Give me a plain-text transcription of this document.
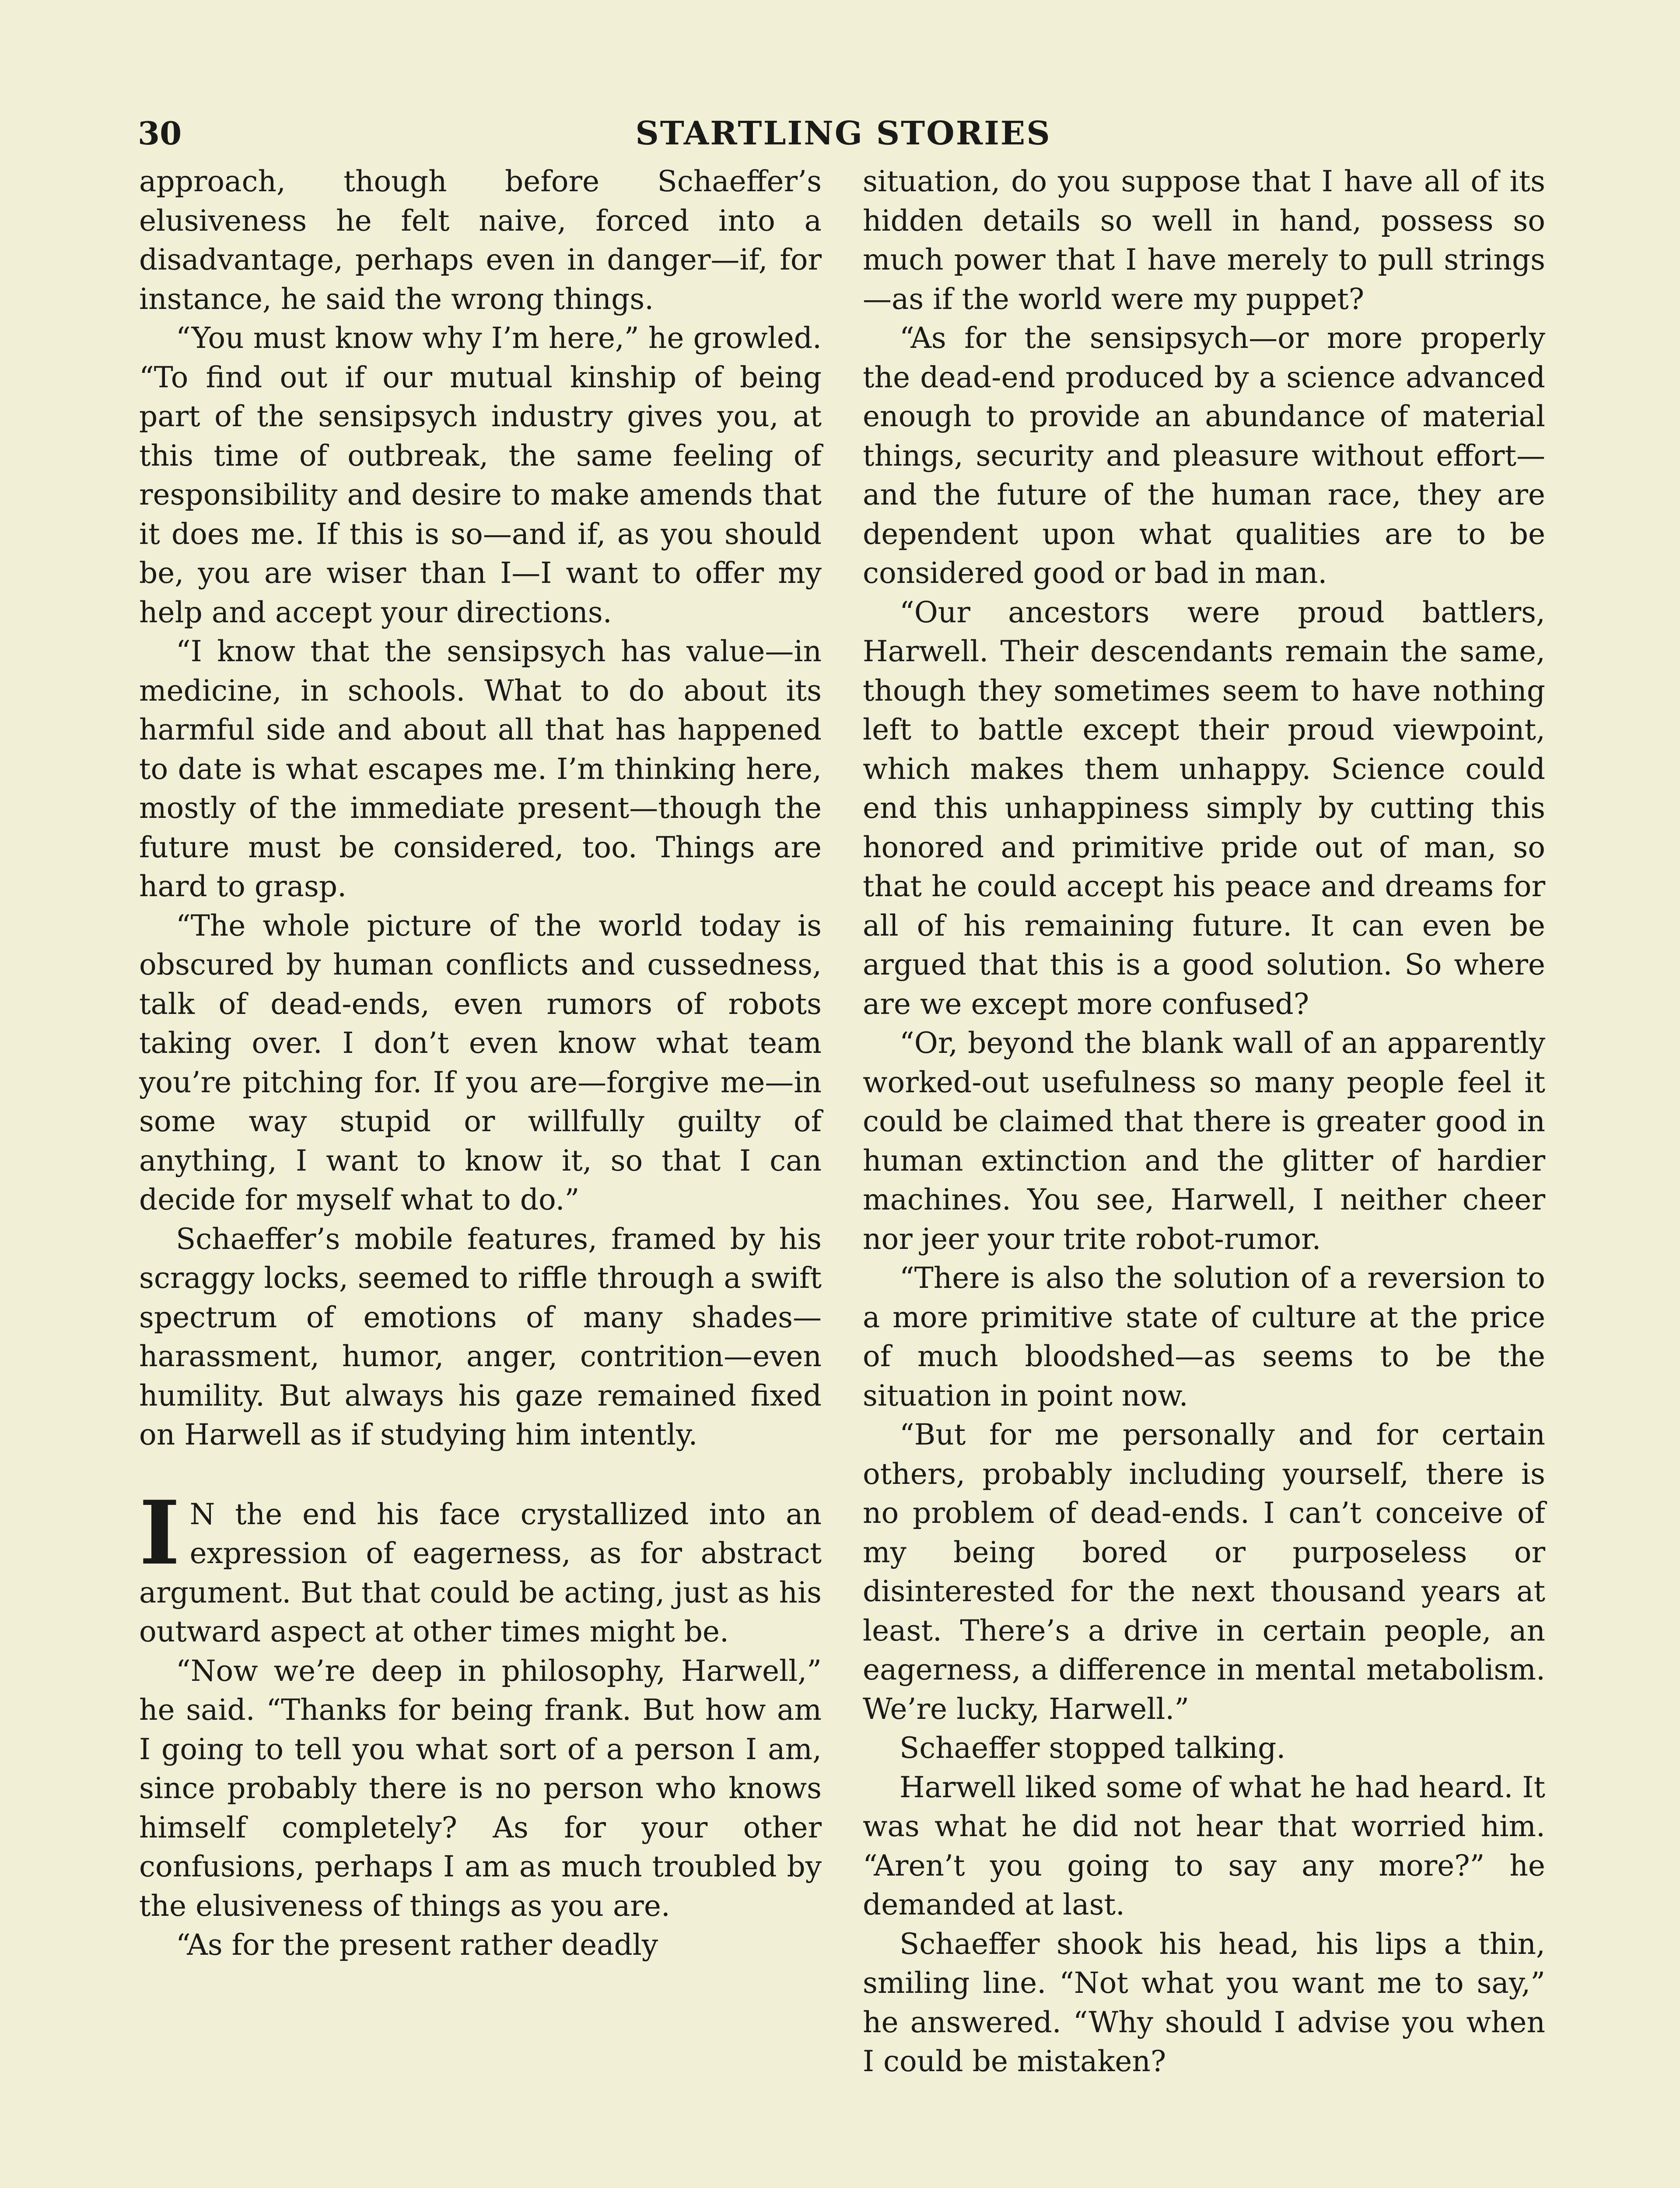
30	STARTLING STORIES

approach, though before Schaeffer’s elusiveness he felt naive, forced into a disadvantage, perhaps even in danger—if, for instance, he said the wrong things.

“You must know why I’m here,” he growled. “To find out if our mutual kinship of being part of the sensipsych industry gives you, at this time of outbreak, the same feeling of responsibility and desire to make amends that it does me. If this is so—and if, as you should be, you are wiser than I—I want to offer my help and accept your directions.

“I know that the sensipsych has value—in medicine, in schools. What to do about its harmful side and about all that has happened to date is what escapes me. I’m thinking here, mostly of the immediate present—though the future must be considered, too. Things are hard to grasp.

“The whole picture of the world today is obscured by human conflicts and cussedness, talk of dead-ends, even rumors of robots taking over. I don’t even know what team you’re pitching for. If you are—forgive me—in some way stupid or willfully guilty of anything, I want to know it, so that I can decide for myself what to do.”

Schaeffer’s mobile features, framed by his scraggy locks, seemed to riffle through a swift spectrum of emotions of many shades—harassment, humor, anger, contrition—even humility. But always his gaze remained fixed on Harwell as if studying him intently.

I N the end his face crystallized into an expression of eagerness, as for abstract argument. But that could be acting, just as his outward aspect at other times might be.

“Now we’re deep in philosophy, Harwell,” he said. “Thanks for being frank. But how am I going to tell you what sort of a person I am, since probably there is no person who knows himself completely? As for your other confusions, perhaps I am as much troubled by the elusiveness of things as you are.

“As for the present rather deadly

situation, do you suppose that I have all of its hidden details so well in hand, possess so much power that I have merely to pull strings—as if the world were my puppet?

“As for the sensipsych—or more properly the dead-end produced by a science advanced enough to provide an abundance of material things, security and pleasure without effort—and the future of the human race, they are dependent upon what qualities are to be considered good or bad in man.

“Our ancestors were proud battlers, Harwell. Their descendants remain the same, though they sometimes seem to have nothing left to battle except their proud viewpoint, which makes them unhappy. Science could end this unhappiness simply by cutting this honored and primitive pride out of man, so that he could accept his peace and dreams for all of his remaining future. It can even be argued that this is a good solution. So where are we except more confused?

“Or, beyond the blank wall of an apparently worked-out usefulness so many people feel it could be claimed that there is greater good in human extinction and the glitter of hardier machines. You see, Harwell, I neither cheer nor jeer your trite robot-rumor.

“There is also the solution of a reversion to a more primitive state of culture at the price of much bloodshed—as seems to be the situation in point now.

“But for me personally and for certain others, probably including yourself, there is no problem of dead-ends. I can’t conceive of my being bored or purposeless or disinterested for the next thousand years at least. There’s a drive in certain people, an eagerness, a difference in mental metabolism. We’re lucky, Harwell.”

Schaeffer stopped talking.

Harwell liked some of what he had heard. It was what he did not hear that worried him. “Aren’t you going to say any more?” he demanded at last.

Schaeffer shook his head, his lips a thin, smiling line. “Not what you want me to say,” he answered. “Why should I advise you when I could be mistaken?
